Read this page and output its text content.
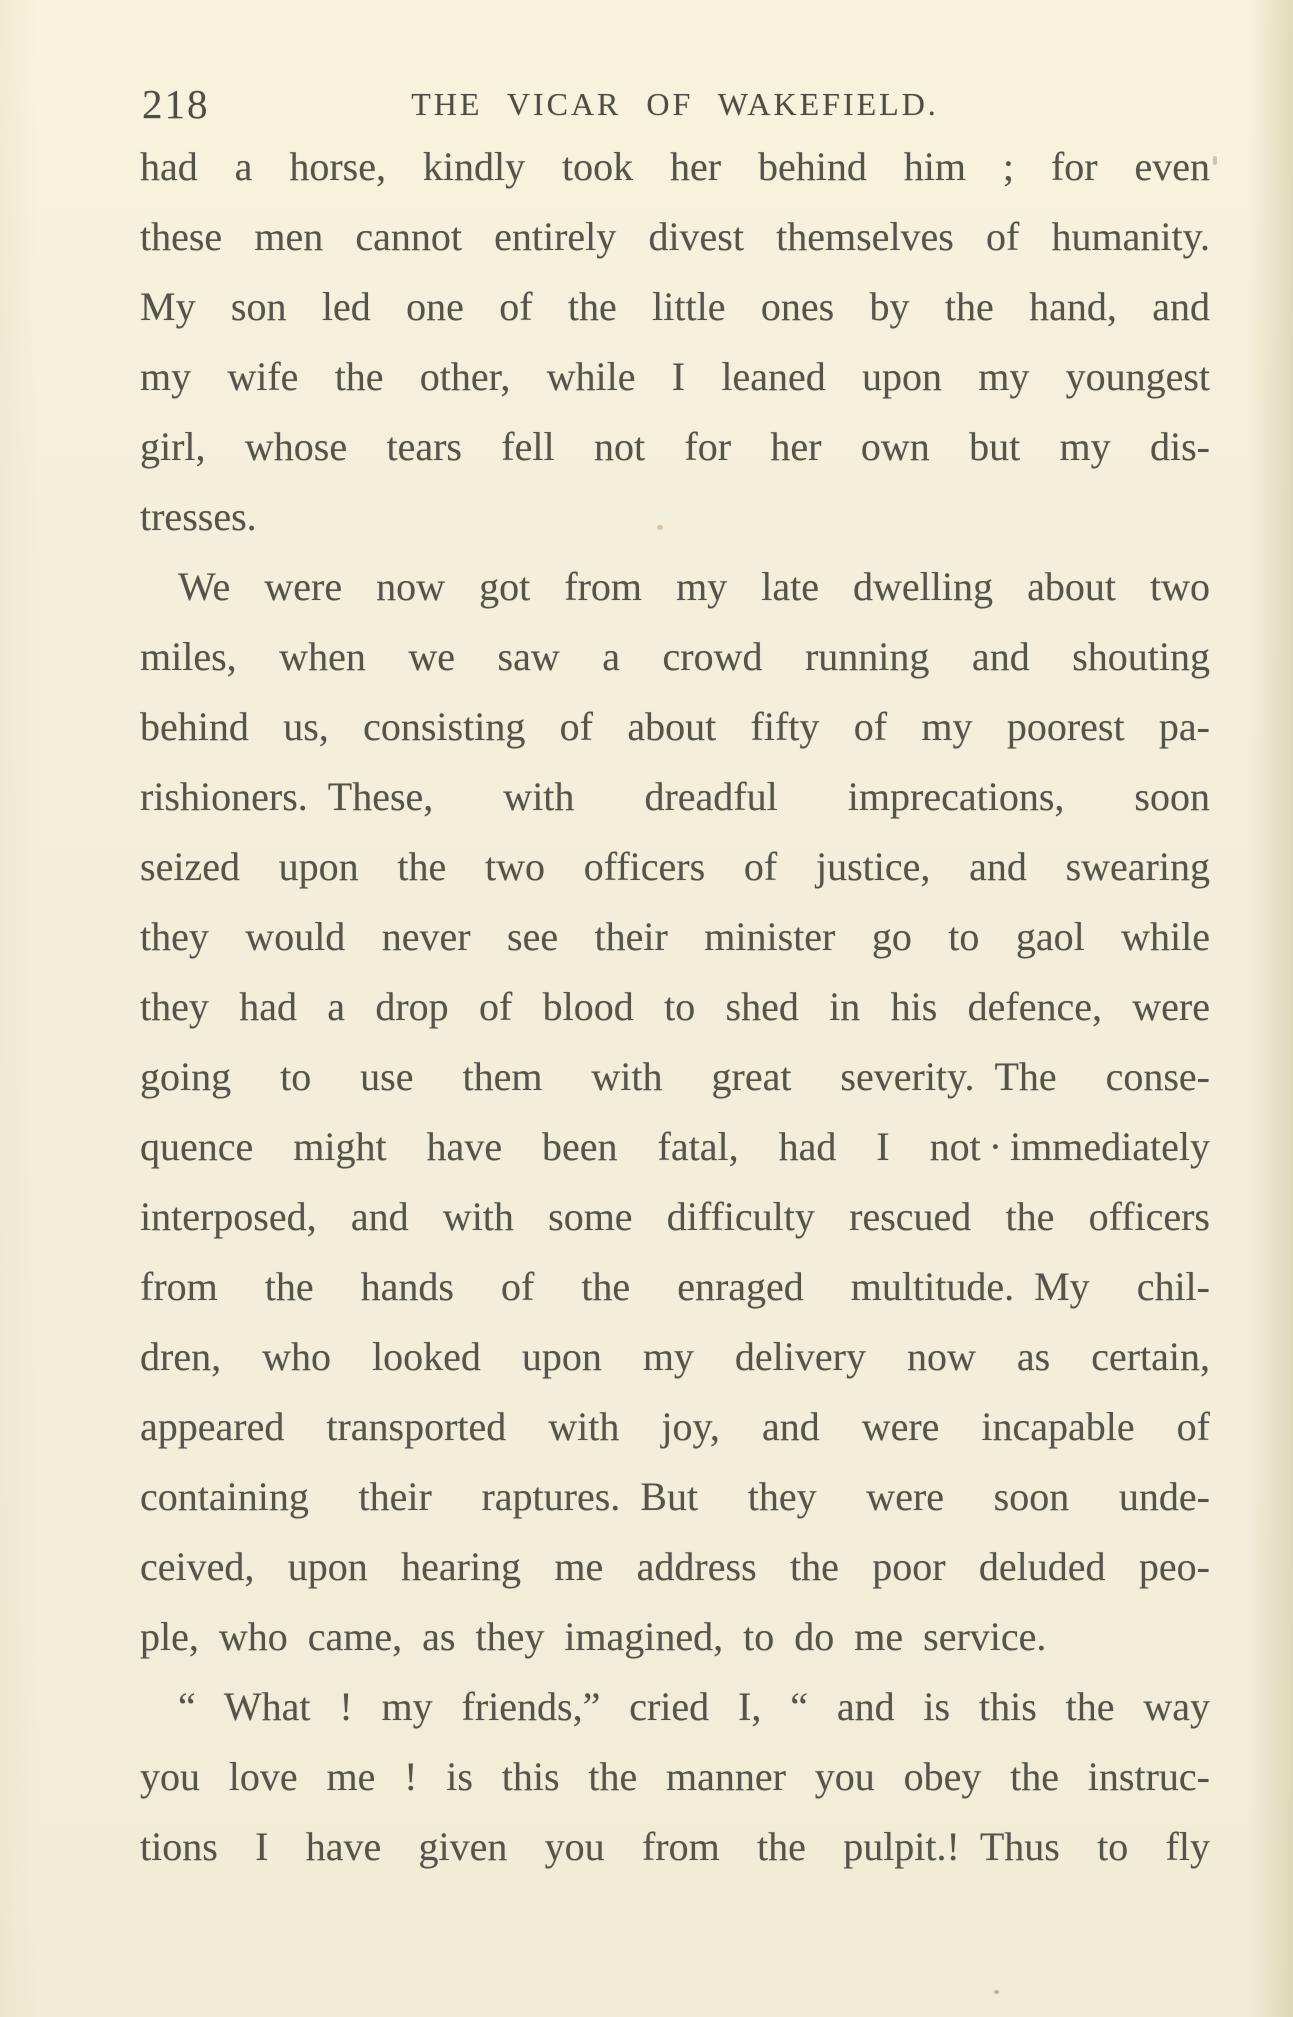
218	THE VICAR OF WAKEFIELD.
had a horse, kindly took her behind him ; for even
these men cannot entirely divest themselves of humanity.
My son led one of the little ones by the hand, and
my wife the other, while I leaned upon my youngest
girl, whose tears fell not for her own but my dis-
tresses.
We were now got from my late dwelling about two
miles, when we saw a crowd running and shouting
behind us, consisting of about fifty of my poorest pa-
rishioners. These, with dreadful imprecations, soon
seized upon the two officers of justice, and swearing
they would never see their minister go to gaol while
they had a drop of blood to shed in his defence, were
going to use them with great severity. The conse-
quence might have been fatal, had I not · immediately
interposed, and with some difficulty rescued the officers
from the hands of the enraged multitude. My chil-
dren, who looked upon my delivery now as certain,
appeared transported with joy, and were incapable of
containing their raptures. But they were soon unde-
ceived, upon hearing me address the poor deluded peo-
ple, who came, as they imagined, to do me service.
“ What ! my friends,” cried I, “ and is this the way
you love me ! is this the manner you obey the instruc-
tions I have given you from the pulpit.! Thus to fly
